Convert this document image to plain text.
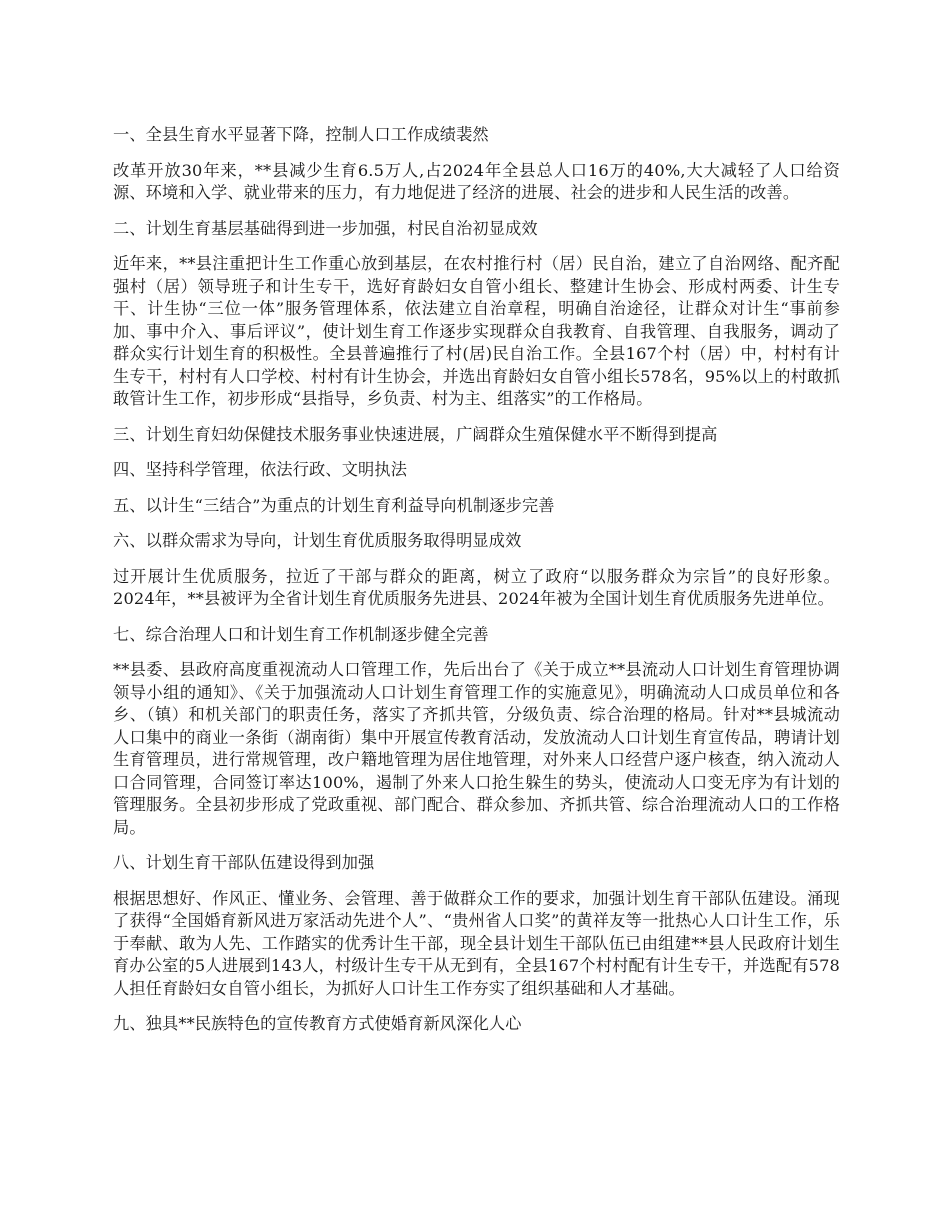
一、全县生育水平显著下降，控制人口工作成绩裴然

改革开放30年来，**县减少生育6.5万人,占2024年全县总人口16万的40%,大大减轻了人口给资源、环境和入学、就业带来的压力，有力地促进了经济的进展、社会的进步和人民生活的改善。

二、计划生育基层基础得到进一步加强，村民自治初显成效

近年来，**县注重把计生工作重心放到基层，在农村推行村（居）民自治，建立了自治网络、配齐配强村（居）领导班子和计生专干，选好育龄妇女自管小组长、整建计生协会、形成村两委、计生专干、计生协“三位一体”服务管理体系，依法建立自治章程，明确自治途径，让群众对计生“事前参加、事中介入、事后评议”，使计划生育工作逐步实现群众自我教育、自我管理、自我服务，调动了群众实行计划生育的积极性。全县普遍推行了村(居)民自治工作。全县167个村（居）中，村村有计生专干，村村有人口学校、村村有计生协会，并选出育龄妇女自管小组长578名，95%以上的村敢抓敢管计生工作，初步形成“县指导，乡负责、村为主、组落实”的工作格局。

三、计划生育妇幼保健技术服务事业快速进展，广阔群众生殖保健水平不断得到提高

四、坚持科学管理，依法行政、文明执法

五、以计生“三结合”为重点的计划生育利益导向机制逐步完善

六、以群众需求为导向，计划生育优质服务取得明显成效

过开展计生优质服务，拉近了干部与群众的距离，树立了政府“以服务群众为宗旨”的良好形象。2024年，**县被评为全省计划生育优质服务先进县、2024年被为全国计划生育优质服务先进单位。

七、综合治理人口和计划生育工作机制逐步健全完善

**县委、县政府高度重视流动人口管理工作，先后出台了《关于成立**县流动人口计划生育管理协调领导小组的通知》、《关于加强流动人口计划生育管理工作的实施意见》，明确流动人口成员单位和各乡、（镇）和机关部门的职责任务，落实了齐抓共管，分级负责、综合治理的格局。针对**县城流动人口集中的商业一条街（湖南街）集中开展宣传教育活动，发放流动人口计划生育宣传品，聘请计划生育管理员，进行常规管理，改户籍地管理为居住地管理，对外来人口经营户逐户核查，纳入流动人口合同管理，合同签订率达100%，遏制了外来人口抢生躲生的势头，使流动人口变无序为有计划的管理服务。全县初步形成了党政重视、部门配合、群众参加、齐抓共管、综合治理流动人口的工作格局。

八、计划生育干部队伍建设得到加强

根据思想好、作风正、懂业务、会管理、善于做群众工作的要求，加强计划生育干部队伍建设。涌现了获得“全国婚育新风进万家活动先进个人”、“贵州省人口奖”的黄祥友等一批热心人口计生工作，乐于奉献、敢为人先、工作踏实的优秀计生干部，现全县计划生干部队伍已由组建**县人民政府计划生育办公室的5人进展到143人，村级计生专干从无到有，全县167个村村配有计生专干，并选配有578人担任育龄妇女自管小组长，为抓好人口计生工作夯实了组织基础和人才基础。

九、独具**民族特色的宣传教育方式使婚育新风深化人心
